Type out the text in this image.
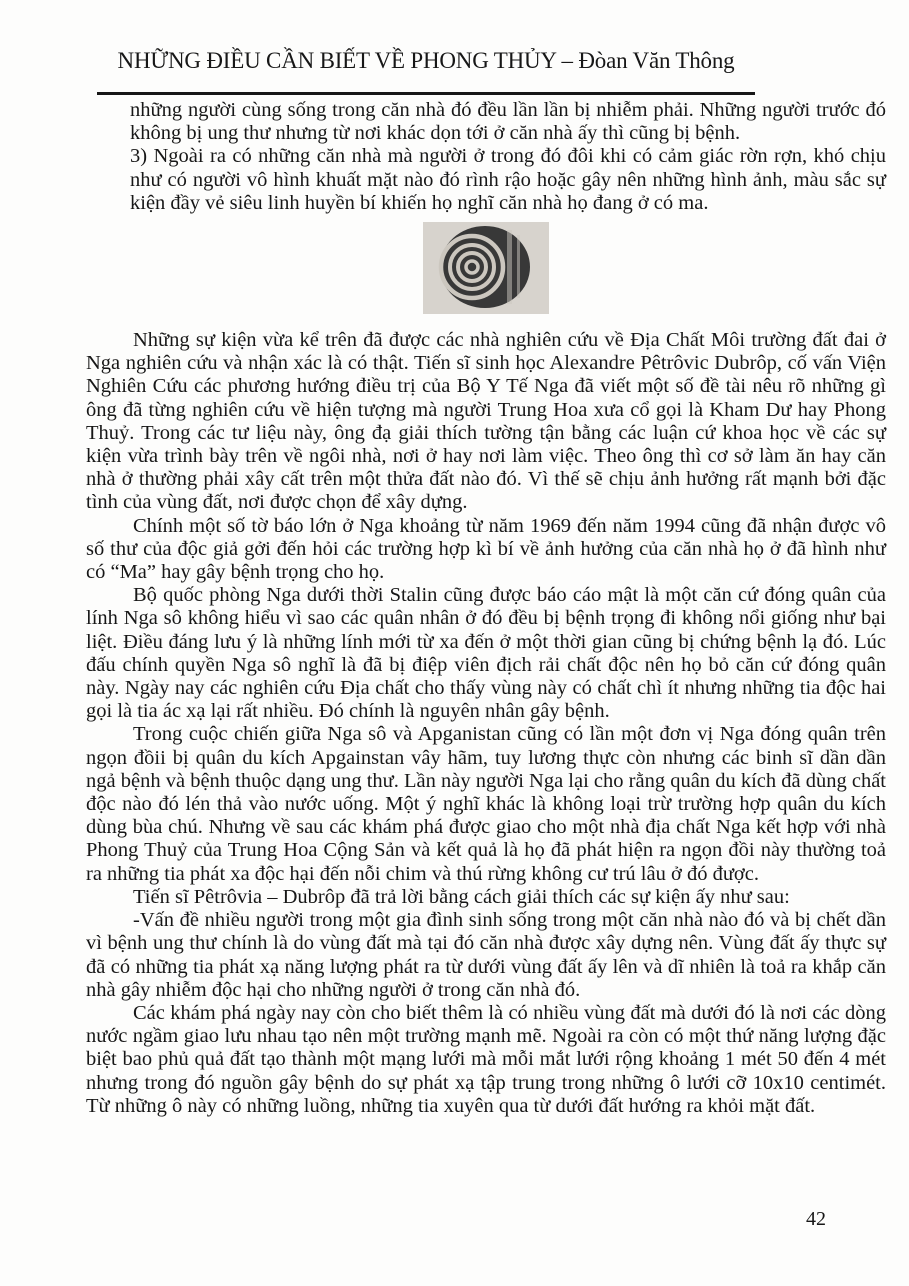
NHỮNG ĐIỀU CẦN BIẾT VỀ PHONG THỦY – Đòan Văn Thông

những người cùng sống trong căn nhà đó đều lần lần bị nhiễm phải. Những người trước đó không bị ung thư nhưng từ nơi khác dọn tới ở căn nhà ấy thì cũng bị bệnh.

3) Ngoài ra có những căn nhà mà người ở trong đó đôi khi có cảm giác rờn rợn, khó chịu như có người vô hình khuất mặt nào đó rình rậo hoặc gây nên những hình ảnh, màu sắc sự kiện đầy vẻ siêu linh huyền bí khiến họ nghĩ căn nhà họ đang ở có ma.

Những sự kiện vừa kể trên đã được các nhà nghiên cứu về Địa Chất Môi trường đất đai ở Nga nghiên cứu và nhận xác là có thật. Tiến sĩ sinh học Alexandre Pêtrôvic Dubrôp, cố vấn Viện Nghiên Cứu các phương hướng điều trị của Bộ Y Tế Nga đã viết một số đề tài nêu rõ những gì ông đã từng nghiên cứu về hiện tượng mà người Trung Hoa xưa cổ gọi là Kham Dư hay Phong Thuỷ. Trong các tư liệu này, ông đạ giải thích tường tận bằng các luận cứ khoa học về các sự kiện vừa trình bày trên về ngôi nhà, nơi ở hay nơi làm việc. Theo ông thì cơ sở làm ăn hay căn nhà ở thường phải xây cất trên một thửa đất nào đó. Vì thế sẽ chịu ảnh hưởng rất mạnh bởi đặc tình của vùng đất, nơi được chọn để xây dựng.

Chính một số tờ báo lớn ở Nga khoảng từ năm 1969 đến năm 1994 cũng đã nhận được vô số thư của độc giả gởi đến hỏi các trường hợp kì bí về ảnh hưởng của căn nhà họ ở đã hình như có “Ma” hay gây bệnh trọng cho họ.

Bộ quốc phòng Nga dưới thời Stalin cũng được báo cáo mật là một căn cứ đóng quân của lính Nga sô không hiểu vì sao các quân nhân ở đó đều bị bệnh trọng đi không nổi giống như bại liệt. Điều đáng lưu ý là những lính mới từ xa đến ở một thời gian cũng bị chứng bệnh lạ đó. Lúc đấu chính quyền Nga sô nghĩ là đã bị điệp viên địch rải chất độc nên họ bỏ căn cứ đóng quân này. Ngày nay các nghiên cứu Địa chất cho thấy vùng này có chất chì ít nhưng những tia độc hai gọi là tia ác xạ lại rất nhiều. Đó chính là nguyên nhân gây bệnh.

Trong cuộc chiến giữa Nga sô và Apganistan cũng có lần một đơn vị Nga đóng quân trên ngọn đồii bị quân du kích Apgainstan vây hãm, tuy lương thực còn nhưng các binh sĩ dần dần ngả bệnh và bệnh thuộc dạng ung thư. Lần này người Nga lại cho rằng quân du kích đã dùng chất độc nào đó lén thả vào nước uống. Một ý nghĩ khác là không loại trừ trường hợp quân du kích dùng bùa chú. Nhưng về sau các khám phá được giao cho một nhà địa chất Nga kết hợp với nhà Phong Thuỷ của Trung Hoa Cộng Sản và kết quả là họ đã phát hiện ra ngọn đồi này thường toả ra những tia phát xa độc hại đến nỗi chim và thú rừng không cư trú lâu ở đó được.

Tiến sĩ Pêtrôvia – Dubrôp đã trả lời bằng cách giải thích các sự kiện ấy như sau:

-Vấn đề nhiều người trong một gia đình sinh sống trong một căn nhà nào đó và bị chết dần vì bệnh ung thư chính là do vùng đất mà tại đó căn nhà được xây dựng nên. Vùng đất ấy thực sự đã có những tia phát xạ năng lượng phát ra từ dưới vùng đất ấy lên và dĩ nhiên là toả ra khắp căn nhà gây nhiễm độc hại cho những người ở trong căn nhà đó.

Các khám phá ngày nay còn cho biết thêm là có nhiều vùng đất mà dưới đó là nơi các dòng nước ngầm giao lưu nhau tạo nên một trường mạnh mẽ. Ngoài ra còn có một thứ năng lượng đặc biệt bao phủ quả đất tạo thành một mạng lưới mà mỗi mắt lưới rộng khoảng 1 mét 50 đến 4 mét nhưng trong đó nguồn gây bệnh do sự phát xạ tập trung trong những ô lưới cỡ 10x10 centimét. Từ những ô này có những luồng, những tia xuyên qua từ dưới đất hướng ra khỏi mặt đất.

42
